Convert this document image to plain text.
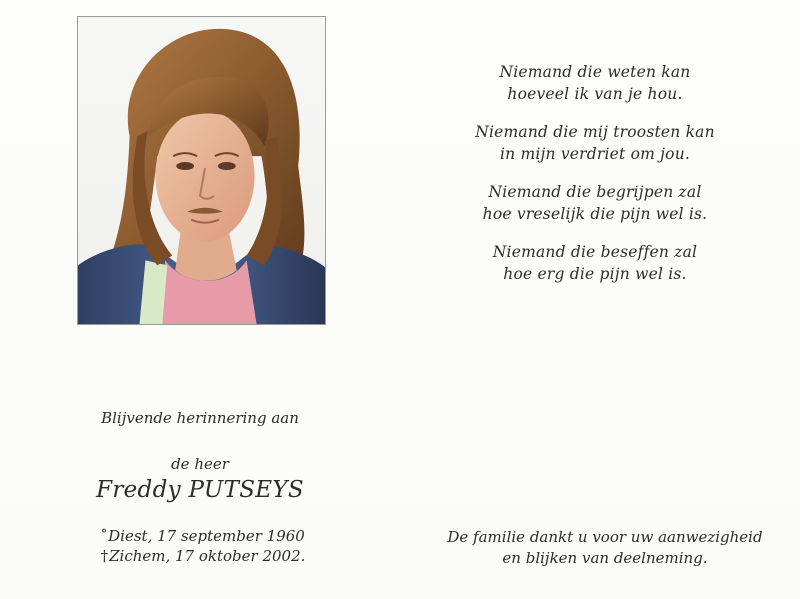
Niemand die weten kan

hoeveel ik van je hou.

Niemand die mij troosten kan

in mijn verdriet om jou.

Niemand die begrijpen zal

hoe vreselijk die pijn wel is.

Niemand die beseffen zal

hoe erg die pijn wel is.

Blijvende herinnering aan

de heer

Freddy PUTSEYS

°Diest, 17 september 1960

†Zichem, 17 oktober 2002.

De familie dankt u voor uw aanwezigheid

en blijken van deelneming.
